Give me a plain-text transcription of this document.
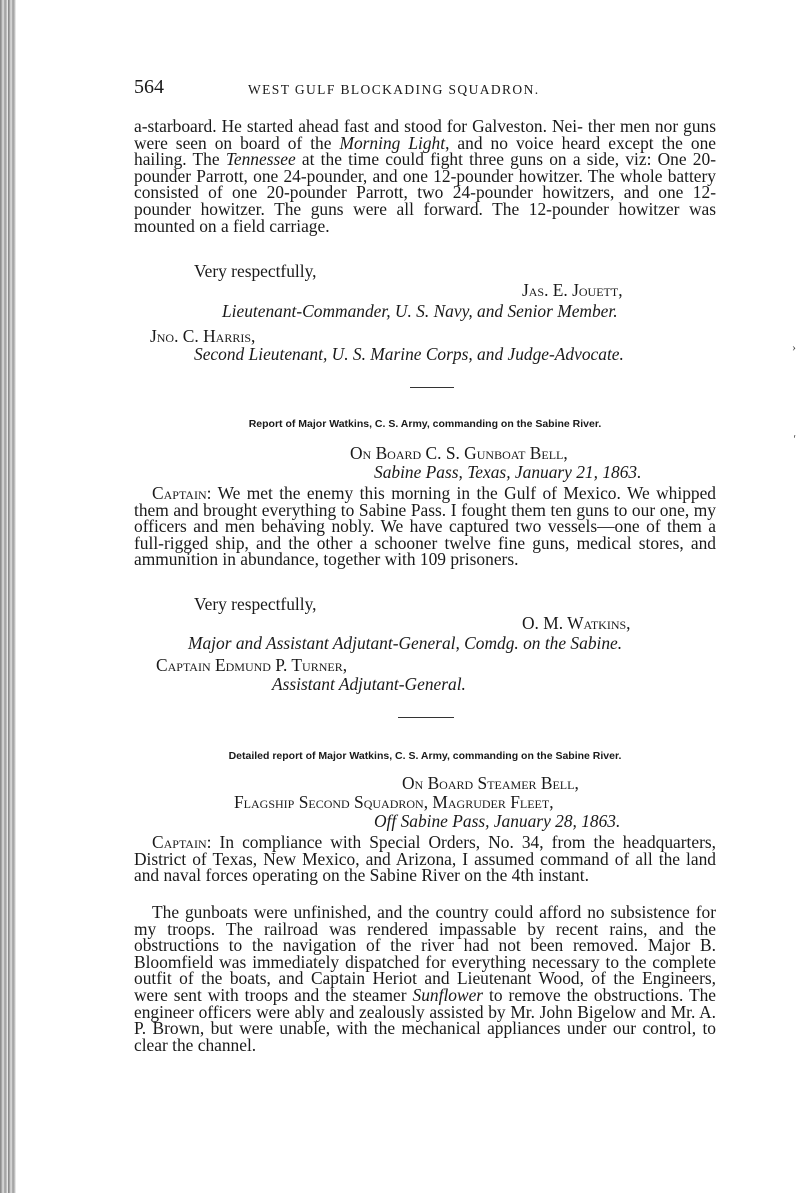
›
ʹ
564	WEST GULF BLOCKADING SQUADRON.

a-starboard. He started ahead fast and stood for Galveston. Nei- ther men nor guns were seen on board of the Morning Light, and no voice heard except the one hailing. The Tennessee at the time could fight three guns on a side, viz: One 20-pounder Parrott, one 24-pounder, and one 12-pounder howitzer. The whole battery consisted of one 20-pounder Parrott, two 24-pounder howitzers, and one 12-pounder howitzer. The guns were all forward. The 12-pounder howitzer was mounted on a field carriage.

Very respectfully,
Jas. E. Jouett,
Lieutenant-Commander, U. S. Navy, and Senior Member.
Jno. C. Harris,
Second Lieutenant, U. S. Marine Corps, and Judge-Advocate.
Report of Major Watkins, C. S. Army, commanding on the Sabine River.
On Board C. S. Gunboat Bell,
Sabine Pass, Texas, January 21, 1863.

Captain: We met the enemy this morning in the Gulf of Mexico. We whipped them and brought everything to Sabine Pass. I fought them ten guns to our one, my officers and men behaving nobly. We have captured two vessels—one of them a full-rigged ship, and the other a schooner twelve fine guns, medical stores, and ammunition in abundance, together with 109 prisoners.

Very respectfully,
O. M. Watkins,
Major and Assistant Adjutant-General, Comdg. on the Sabine.
Captain Edmund P. Turner,
Assistant Adjutant-General.
Detailed report of Major Watkins, C. S. Army, commanding on the Sabine River.
On Board Steamer Bell,
Flagship Second Squadron, Magruder Fleet,
Off Sabine Pass, January 28, 1863.

Captain: In compliance with Special Orders, No. 34, from the headquarters, District of Texas, New Mexico, and Arizona, I assumed command of all the land and naval forces operating on the Sabine River on the 4th instant.

The gunboats were unfinished, and the country could afford no subsistence for my troops. The railroad was rendered impassable by recent rains, and the obstructions to the navigation of the river had not been removed. Major B. Bloomfield was immediately dispatched for everything necessary to the complete outfit of the boats, and Captain Heriot and Lieutenant Wood, of the Engineers, were sent with troops and the steamer Sunflower to remove the obstructions. The engineer officers were ably and zealously assisted by Mr. John Bigelow and Mr. A. P. Brown, but were unable, with the mechanical appliances under our control, to clear the channel.
